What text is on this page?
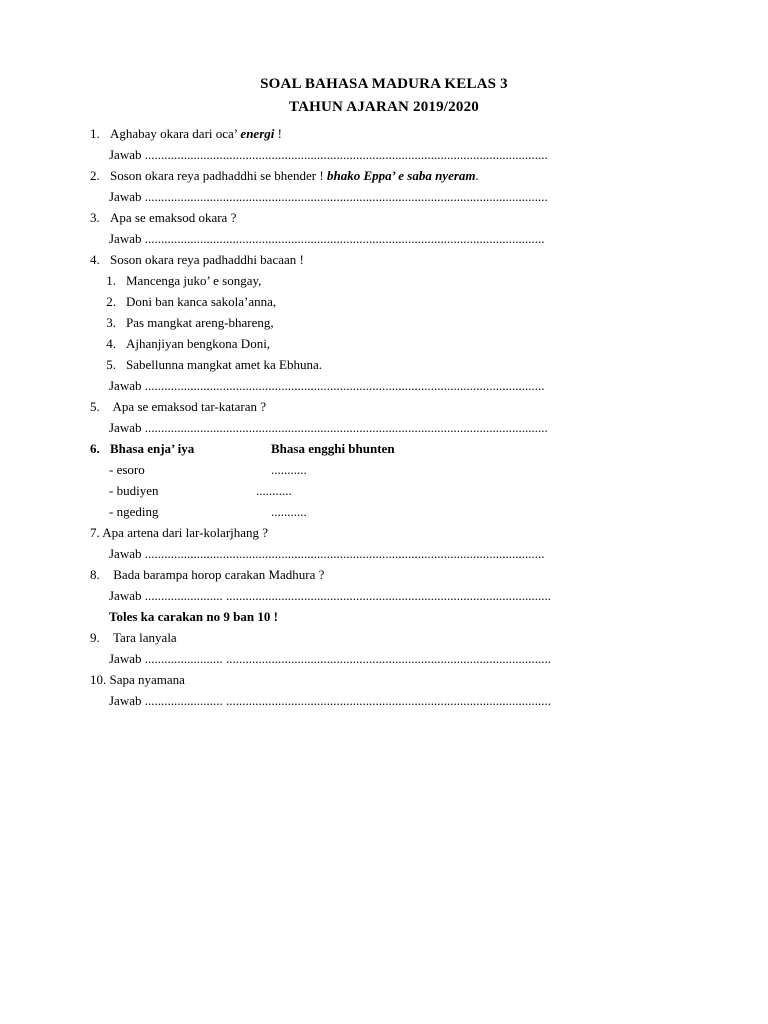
SOAL BAHASA MADURA KELAS 3
TAHUN AJARAN 2019/2020
1. Aghabay okara dari oca’ energi !
Jawab ............................................................................................................................
2. Soson okara reya padhaddhi se bhender ! bhako Eppa’ e saba nyeram.
Jawab ............................................................................................................................
3. Apa se emaksod okara ?
Jawab ...........................................................................................................................
4. Soson okara reya padhaddhi bacaan !
1. Mancenga juko’ e songay,
2. Doni ban kanca sakola’anna,
3. Pas mangkat areng-bhareng,
4. Ajhanjiyan bengkona Doni,
5. Sabellunna mangkat amet ka Ebhuna.
Jawab ...........................................................................................................................
5. Apa se emaksod tar-kataran ?
Jawab ............................................................................................................................
6. Bhasa enja’ iya	Bhasa engghi bhunten
- esoro	...........
- budiyen	...........
- ngeding	...........
7. Apa artena dari lar-kolarjhang ?
Jawab ...........................................................................................................................
8. Bada barampa horop carakan Madhura ?
Jawab ........................ ....................................................................................................
Toles ka carakan no 9 ban 10 !
9. Tara lanyala
Jawab ........................ ....................................................................................................
10. Sapa nyamana
Jawab ........................ ....................................................................................................
